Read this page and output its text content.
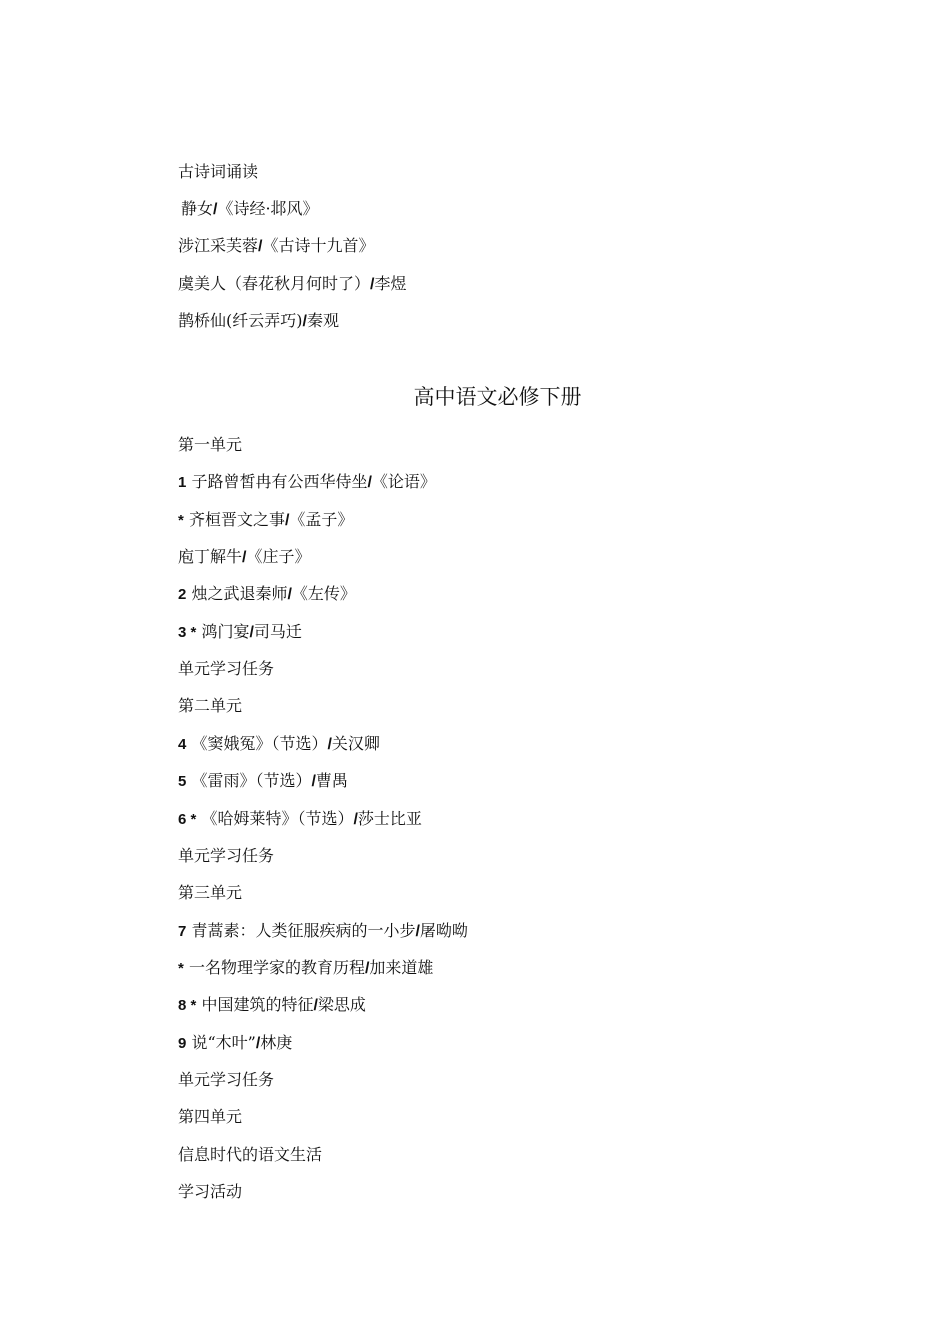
古诗词诵读
静女/《诗经·邶风》
涉江采芙蓉/《古诗十九首》
虞美人（春花秋月何时了）/李煜
鹊桥仙(纤云弄巧)/秦观
高中语文必修下册
第一单元
1 子路曾皙冉有公西华侍坐/《论语》
* 齐桓晋文之事/《孟子》
庖丁解牛/《庄子》
2 烛之武退秦师/《左传》
3 * 鸿门宴/司马迁
单元学习任务
第二单元
4 《窦娥冤》（节选）/关汉卿
5 《雷雨》（节选）/曹禺
6 * 《哈姆莱特》（节选）/莎士比亚
单元学习任务
第三单元
7 青蒿素：人类征服疾病的一小步/屠呦呦
* 一名物理学家的教育历程/加来道雄
8 * 中国建筑的特征/梁思成
9 说“木叶”/林庚
单元学习任务
第四单元
信息时代的语文生活
学习活动
